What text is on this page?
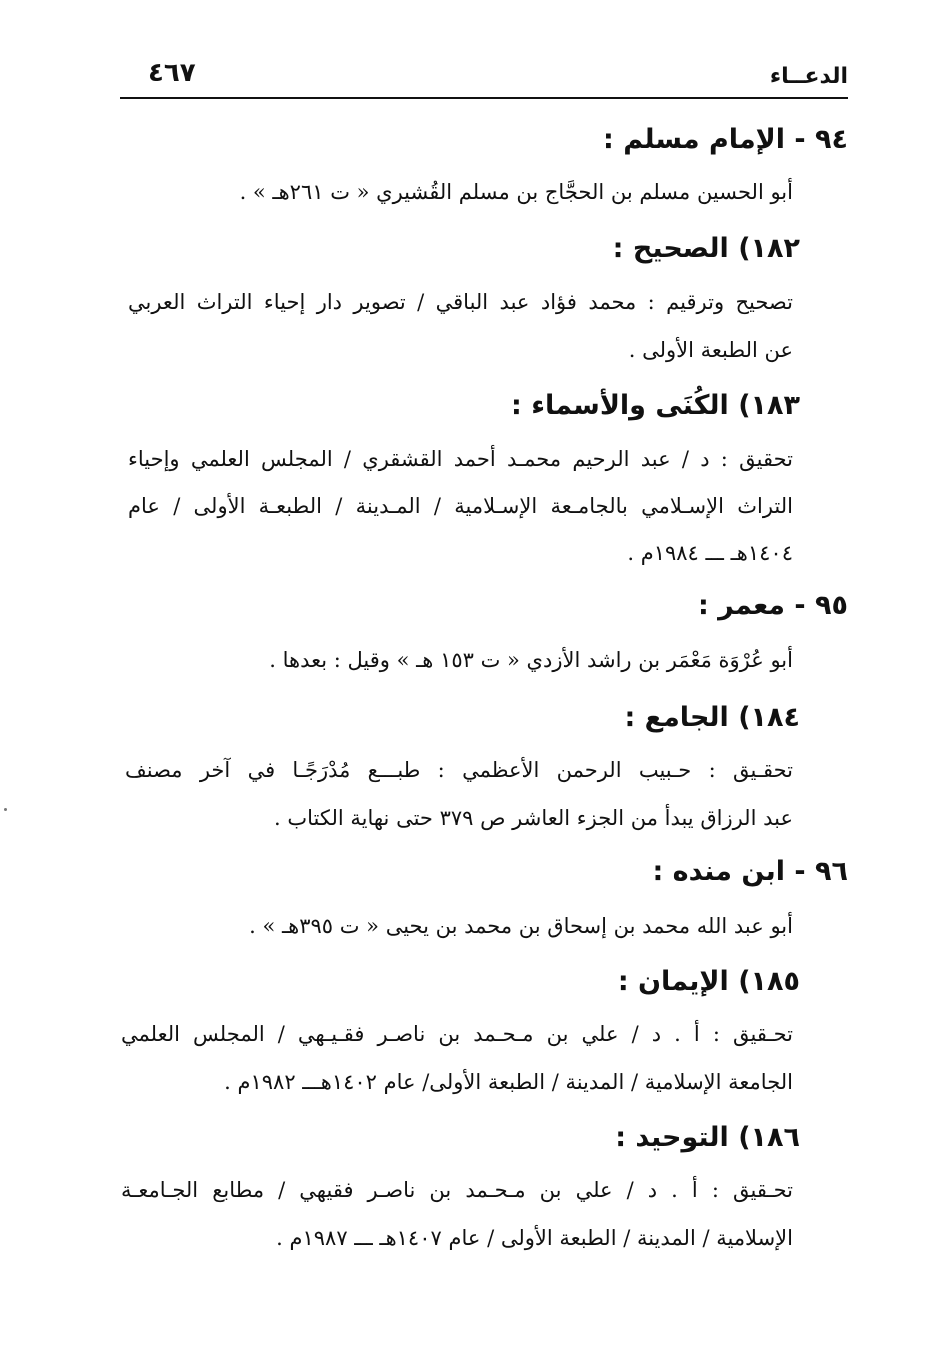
الدعــاء
٤٦٧

٩٤ - الإمام مسلم :

أبو الحسين مسلم بن الحجَّاج بن مسلم القُشيري « ت ٢٦١هـ » .

١٨٢) الصحيح :

تصحيح وترقيم : محمد فؤاد عبد الباقي / تصوير دار إحياء التراث العربي

عن الطبعة الأولى .

١٨٣) الكُنَى والأسماء :

تحقيق : د / عبد الرحيم محمـد أحمد القشقري / المجلس العلمي وإحياء

التراث الإسـلامي بالجامـعة الإسـلامية / المـدينة / الطبعـة الأولى / عام

١٤٠٤هـ ـــ ١٩٨٤م .

٩٥ - معمر :

أبو عُرْوَة مَعْمَر بن راشد الأزدي « ت ١٥٣ هـ » وقيل : بعدها .

١٨٤) الجامع :

تحقـيق : حـبيب الرحمن الأعظمي : طبـــع مُدْرَجًـا في آخر مصنف

عبد الرزاق يبدأ من الجزء العاشر ص ٣٧٩ حتى نهاية الكتاب .

٩٦ - ابن منده :

أبو عبد الله محمد بن إسحاق بن محمد بن يحيى « ت ٣٩٥هـ » .

١٨٥) الإيمان :

تحـقيق : أ . د / علي بن مـحـمد بن ناصـر فقـيـهي / المجلس العلمي

الجامعة الإسلامية / المدينة / الطبعة الأولى/ عام ١٤٠٢هـــ ١٩٨٢م .

١٨٦) التوحيد :

تحـقيق : أ . د / علي بن مـحـمد بن ناصـر فقيهي / مطابع الجـامعـة

الإسلامية / المدينة / الطبعة الأولى / عام ١٤٠٧هـ ـــ ١٩٨٧م .
